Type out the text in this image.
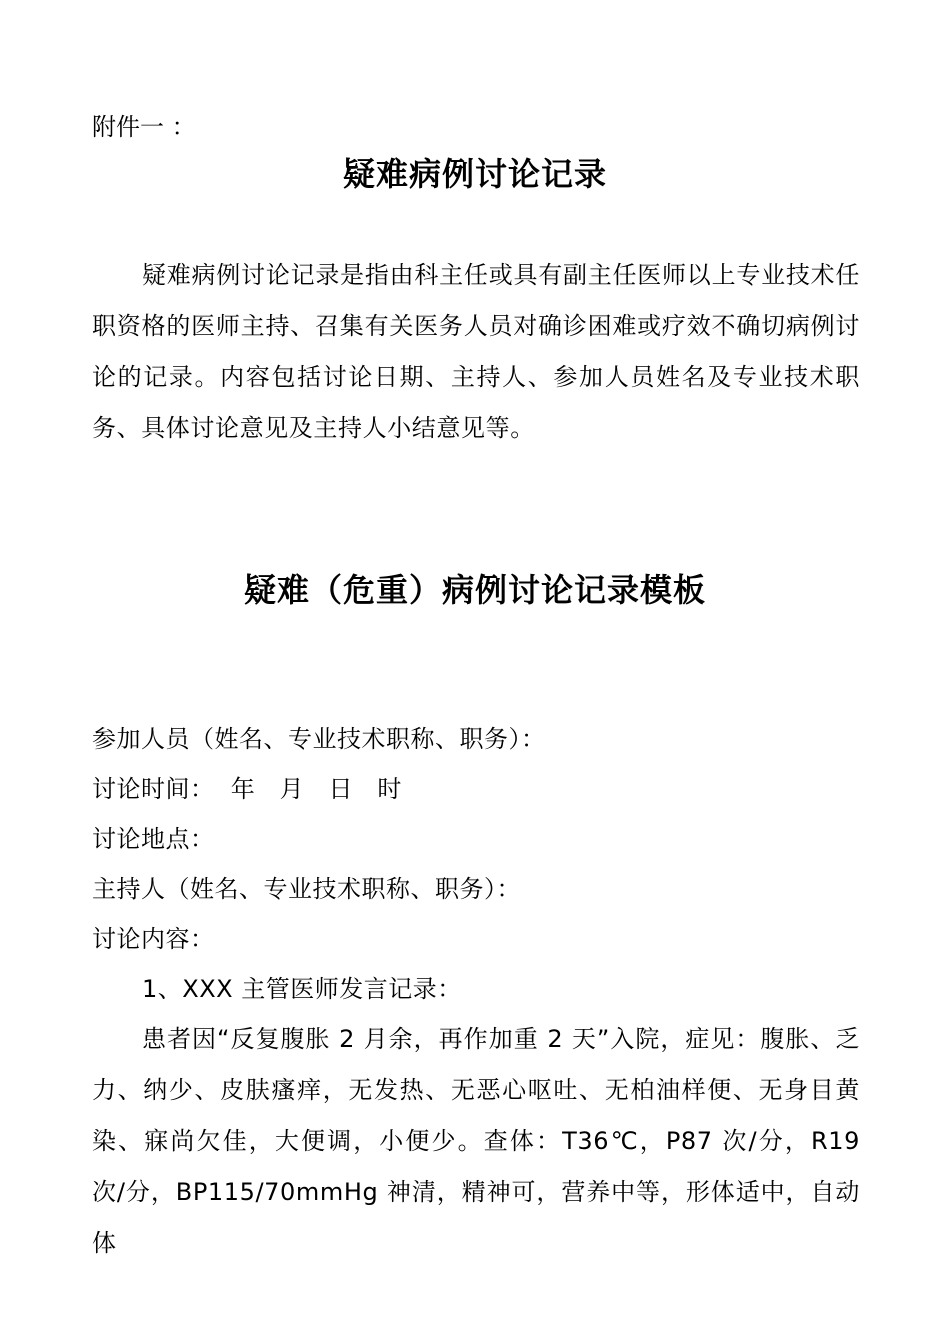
附件一 ：
疑难病例讨论记录

疑难病例讨论记录是指由科主任或具有副主任医师以上专业技术任职资格的医师主持、召集有关医务人员对确诊困难或疗效不确切病例讨论的记录。内容包括讨论日期、主持人、参加人员姓名及专业技术职务、具体讨论意见及主持人小结意见等。

疑难（危重）病例讨论记录模板
参加人员（姓名、专业技术职称、职务）：
讨论时间：  年   月   日   时
讨论地点：
主持人（姓名、专业技术职称、职务）：
讨论内容：
1、XXX 主管医师发言记录：

患者因“反复腹胀 2 月余，再作加重 2 天”入院，症见：腹胀、乏力、纳少、皮肤瘙痒，无发热、无恶心呕吐、无柏油样便、无身目黄染、寐尚欠佳，大便调，小便少。查体：T36℃，P87 次/分，R19 次/分，BP115/70mmHg 神清，精神可，营养中等，形体适中，自动体
